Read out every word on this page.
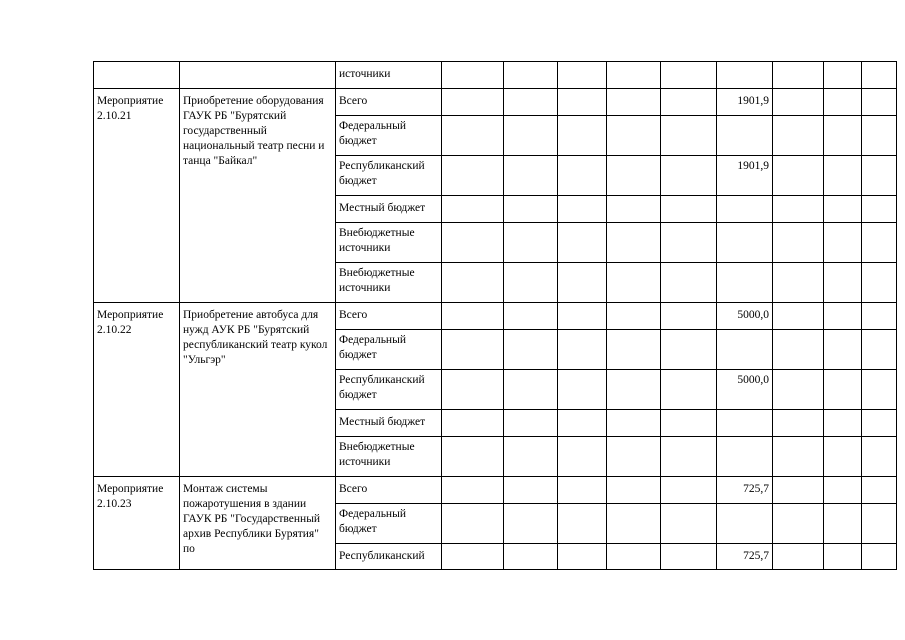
		источники									
Мероприятие 2.10.21	Приобретение оборудования ГАУК РБ "Бурятский государственный национальный театр песни и танца "Байкал"	Всего						1901,9			
		Федеральный бюджет									
		Республиканский бюджет						1901,9			
		Местный бюджет									
		Внебюджетные источники									
		Внебюджетные источники									
Мероприятие 2.10.22	Приобретение автобуса для нужд АУК РБ "Бурятский республиканский театр кукол "Ульгэр"	Всего						5000,0			
		Федеральный бюджет									
		Республиканский бюджет						5000,0			
		Местный бюджет									
		Внебюджетные источники									
Мероприятие 2.10.23	Монтаж системы пожаротушения в здании ГАУК РБ "Государственный архив Республики Бурятия" по	Всего						725,7			
		Федеральный бюджет									
		Республиканский						725,7			
